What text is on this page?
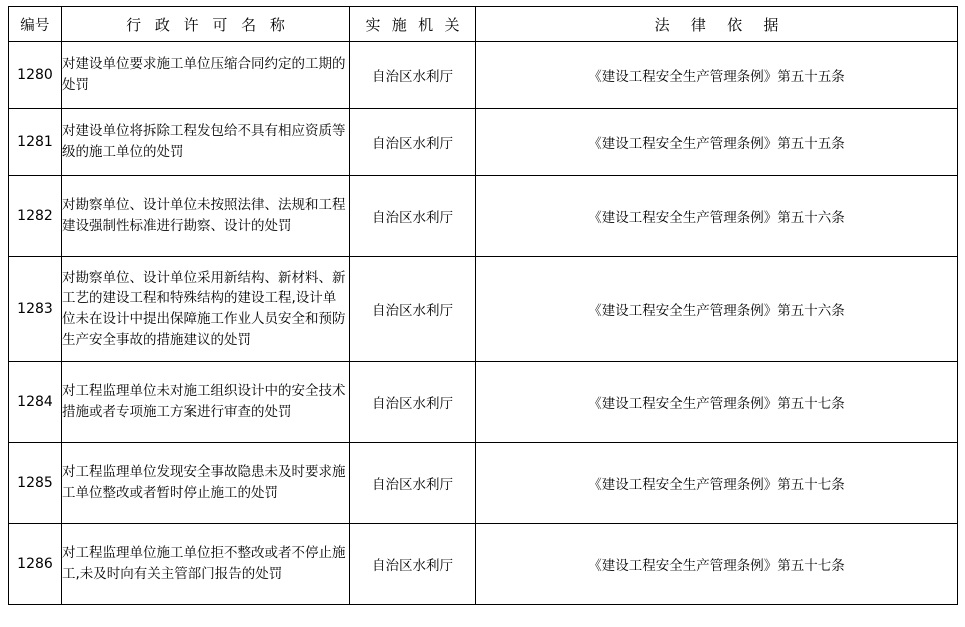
编号	行 政 许 可 名 称	实 施 机 关	法 律 依 据
1280	对建设单位要求施工单位压缩合同约定的工期的处罚	自治区水利厅	《建设工程安全生产管理条例》第五十五条
1281	对建设单位将拆除工程发包给不具有相应资质等级的施工单位的处罚	自治区水利厅	《建设工程安全生产管理条例》第五十五条
1282	对勘察单位、设计单位未按照法律、法规和工程建设强制性标准进行勘察、设计的处罚	自治区水利厅	《建设工程安全生产管理条例》第五十六条
1283	对勘察单位、设计单位采用新结构、新材料、新工艺的建设工程和特殊结构的建设工程,设计单位未在设计中提出保障施工作业人员安全和预防生产安全事故的措施建议的处罚	自治区水利厅	《建设工程安全生产管理条例》第五十六条
1284	对工程监理单位未对施工组织设计中的安全技术措施或者专项施工方案进行审查的处罚	自治区水利厅	《建设工程安全生产管理条例》第五十七条
1285	对工程监理单位发现安全事故隐患未及时要求施工单位整改或者暂时停止施工的处罚	自治区水利厅	《建设工程安全生产管理条例》第五十七条
1286	对工程监理单位施工单位拒不整改或者不停止施工,未及时向有关主管部门报告的处罚	自治区水利厅	《建设工程安全生产管理条例》第五十七条
